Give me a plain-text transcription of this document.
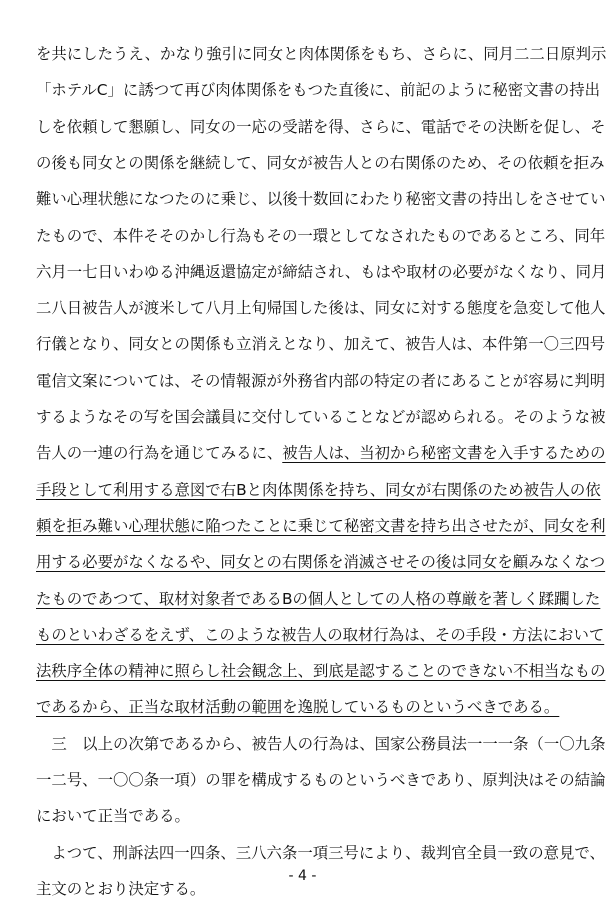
を共にしたうえ、かなり強引に同女と肉体関係をもち、さらに、同月二二日原判示
「ホテルC」に誘つて再び肉体関係をもつた直後に、前記のように秘密文書の持出
しを依頼して懇願し、同女の一応の受諾を得、さらに、電話でその決断を促し、そ
の後も同女との関係を継続して、同女が被告人との右関係のため、その依頼を拒み
難い心理状態になつたのに乗じ、以後十数回にわたり秘密文書の持出しをさせてい
たもので、本件そそのかし行為もその一環としてなされたものであるところ、同年
六月一七日いわゆる沖縄返還協定が締結され、もはや取材の必要がなくなり、同月
二八日被告人が渡米して八月上旬帰国した後は、同女に対する態度を急変して他人
行儀となり、同女との関係も立消えとなり、加えて、被告人は、本件第一〇三四号
電信文案については、その情報源が外務省内部の特定の者にあることが容易に判明
するようなその写を国会議員に交付していることなどが認められる。そのような被
告人の一連の行為を通じてみるに、被告人は、当初から秘密文書を入手するための
手段として利用する意図で右Bと肉体関係を持ち、同女が右関係のため被告人の依
頼を拒み難い心理状態に陥つたことに乗じて秘密文書を持ち出させたが、同女を利
用する必要がなくなるや、同女との右関係を消滅させその後は同女を顧みなくなつ
たものであつて、取材対象者であるBの個人としての人格の尊厳を著しく蹂躙した
ものといわざるをえず、このような被告人の取材行為は、その手段・方法において
法秩序全体の精神に照らし社会観念上、到底是認することのできない不相当なもの
であるから、正当な取材活動の範囲を逸脱しているものというべきである。
　三　以上の次第であるから、被告人の行為は、国家公務員法一一一条（一〇九条
一二号、一〇〇条一項）の罪を構成するものというべきであり、原判決はその結論
において正当である。
　よつて、刑訴法四一四条、三八六条一項三号により、裁判官全員一致の意見で、
主文のとおり決定する。
- 4 -
